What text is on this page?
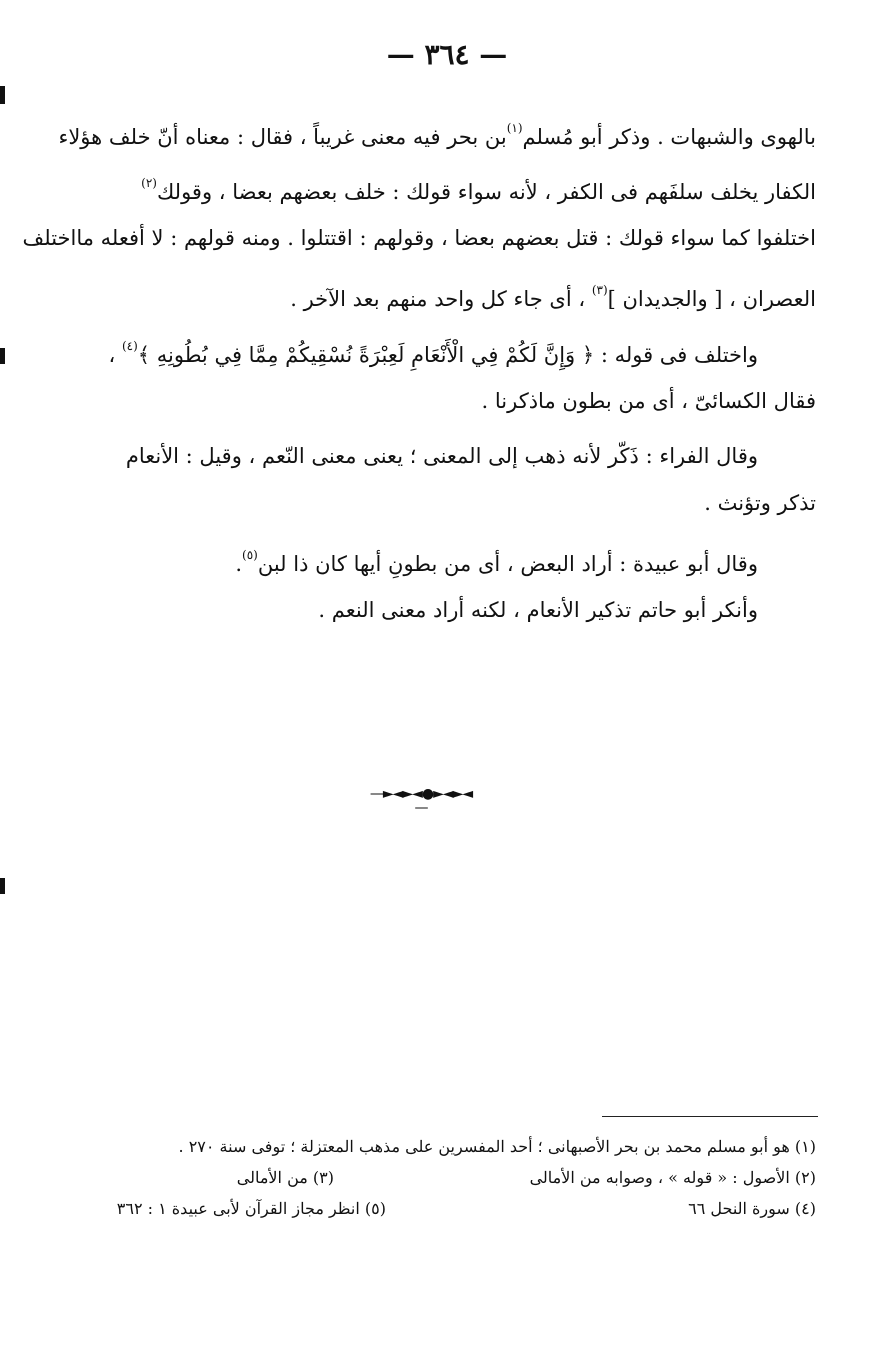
— ٣٦٤ —
بالهوى والشبهات . وذكر أبو مُسلم$^{(١)}$بن بحر فيه معنى غريباً ، فقال : معناه أنّ خلف هؤلاء
الكفار يخلف سلفَهم فى الكفر ، لأنه سواء قولك : خلف بعضهم بعضا ، وقولك$^{(٢)}$
اختلفوا كما سواء قولك : قتل بعضهم بعضا ، وقولهم : اقتتلوا . ومنه قولهم : لا أفعله مااختلف
العصران ، [ والجديدان ]$^{(٣)}$ ، أى جاء كل واحد منهم بعد الآخر .
واختلف فى قوله : ﴿ وَإِنَّ لَكُمْ فِي الْأَنْعَامِ لَعِبْرَةً نُسْقِيكُمْ مِمَّا فِي بُطُونِهِ ﴾$^{(٤)}$ ،
فقال الكسائىّ ، أى من بطون ماذكرنا .
وقال الفراء : ذَكّر لأنه ذهب إلى المعنى ؛ يعنى معنى النّعم ، وقيل : الأنعام
تذكر وتؤنث .
وقال أبو عبيدة : أراد البعض ، أى من بطونِ أيها كان ذا لبن$^{(٥)}$.
وأنكر أبو حاتم تذكير الأنعام ، لكنه أراد معنى النعم .
—►◄►◄●►◄►◄—
(١) هو أبو مسلم محمد بن بحر الأصبهانى ؛ أحد المفسرين على مذهب المعتزلة ؛ توفى سنة ٢٧٠ .
(٢) الأصول : « قوله » ، وصوابه من الأمالى
(٣) من الأمالى
(٤) سورة النحل ٦٦
(٥) انظر مجاز القرآن لأبى عبيدة ١ : ٣٦٢
